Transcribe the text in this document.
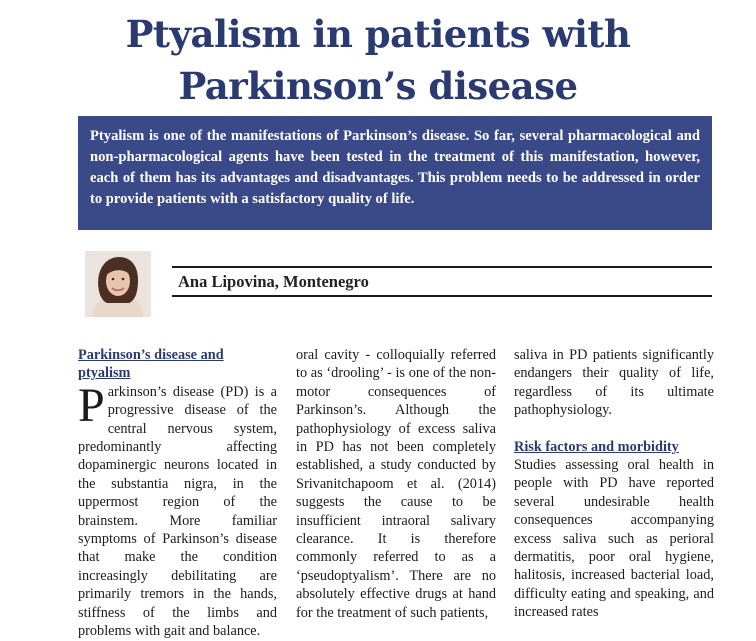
Ptyalism in patients with Parkinson’s disease

Ptyalism is one of the manifestations of Parkinson’s disease. So far, several pharmacological and non-pharmacological agents have been tested in the treatment of this manifestation, however, each of them has its advantages and disadvantages. This problem needs to be addressed in order to provide patients with a satisfactory quality of life.

Ana Lipovina, Montenegro
Parkinson’s disease and ptyalism

Parkinson’s disease (PD) is a progressive disease of the central nervous system, predominantly affecting dopaminergic neurons located in the substantia nigra, in the uppermost region of the brainstem. More familiar symptoms of Parkinson’s disease that make the condition increasingly debilitating are primarily tremors in the hands, stiffness of the limbs and problems with gait and balance.

oral cavity - colloquially referred to as ‘drooling’ - is one of the non-motor consequences of Parkinson’s. Although the pathophysiology of excess saliva in PD has not been completely established, a study conducted by Srivanitchapoom et al. (2014) suggests the cause to be insufficient intraoral salivary clearance. It is therefore commonly referred to as a ‘pseudoptyalism’. There are no absolutely effective drugs at hand for the treatment of such patients,

saliva in PD patients significantly endangers their quality of life, regardless of its ultimate pathophysiology.

Risk factors and morbidity

Studies assessing oral health in people with PD have reported several undesirable health consequences accompanying excess saliva such as perioral dermatitis, poor oral hygiene, halitosis, increased bacterial load, difficulty eating and speaking, and increased rates
